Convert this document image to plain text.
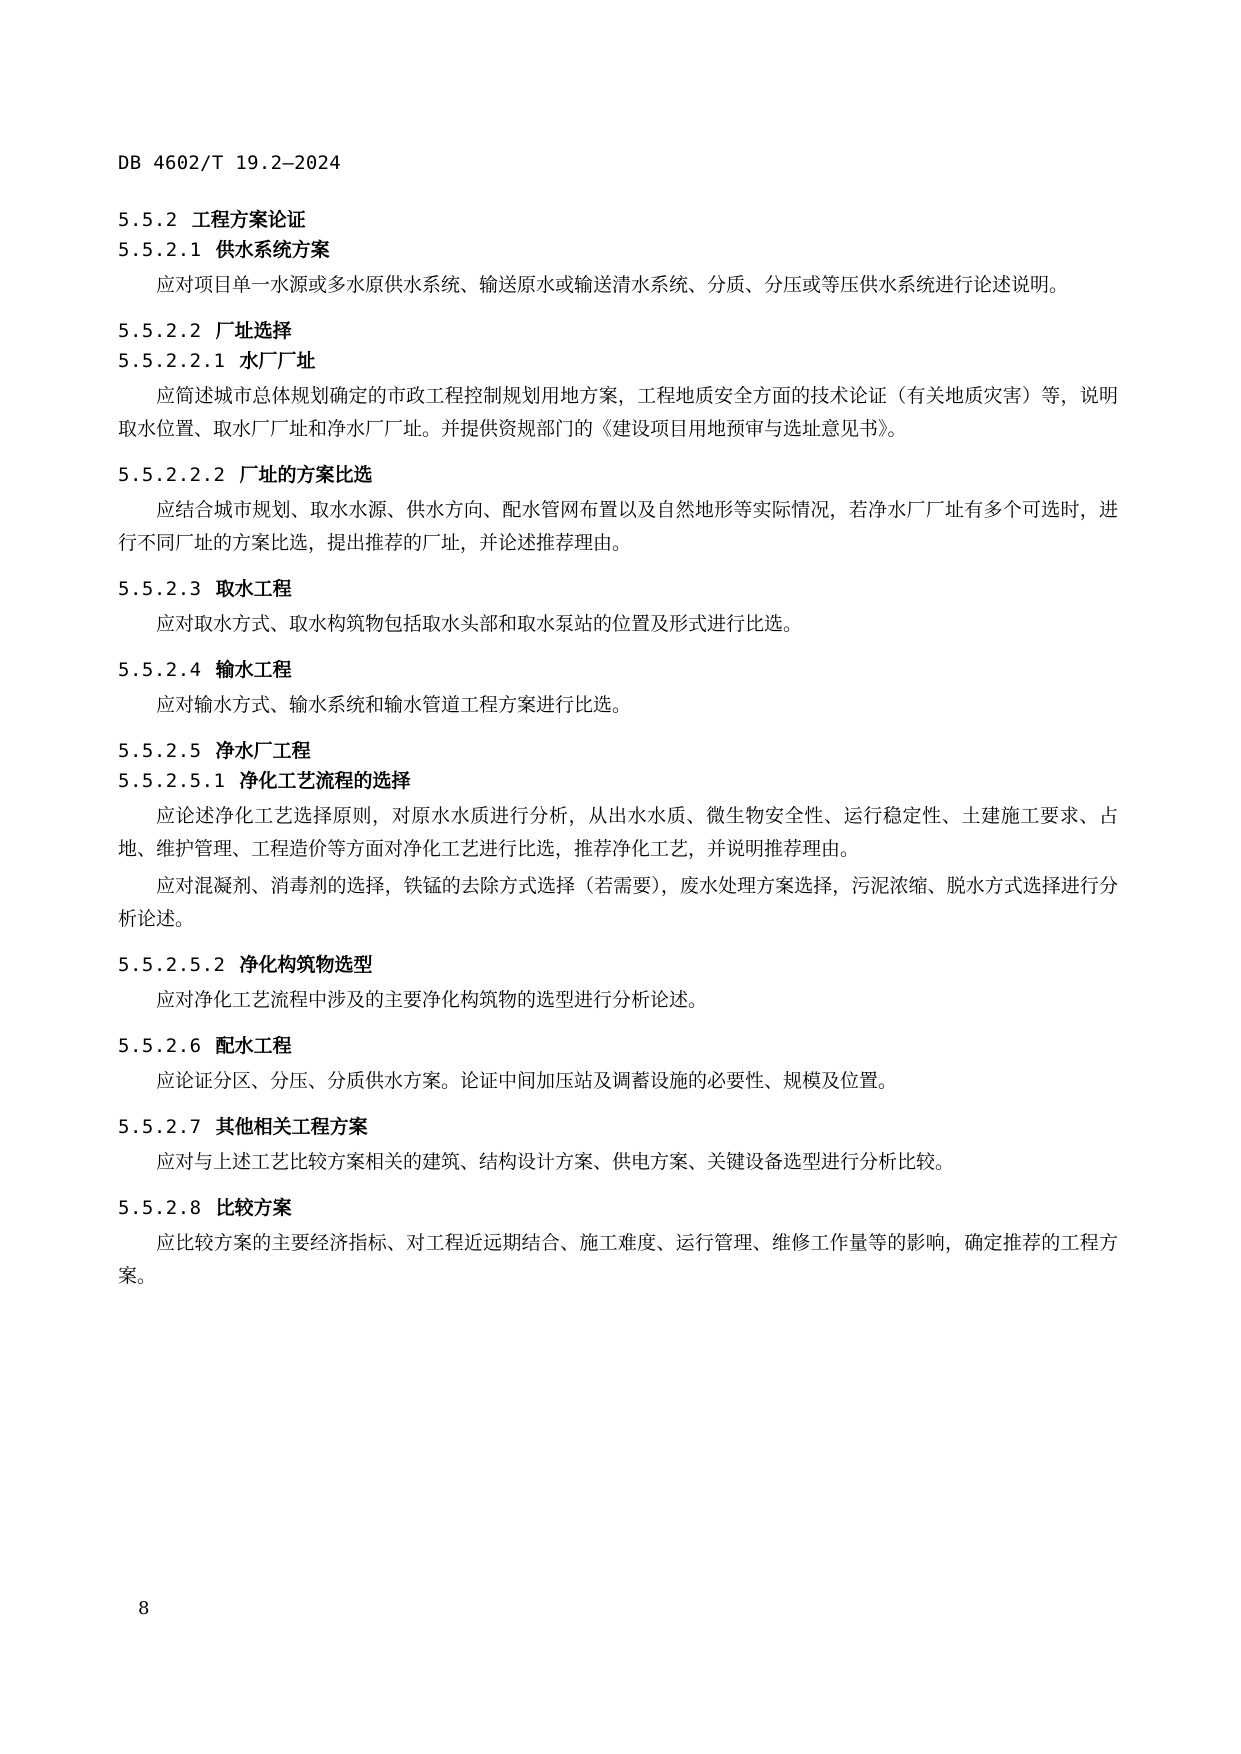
DB 4602/T 19.2—2024
5.5.2 工程方案论证
5.5.2.1 供水系统方案

应对项目单一水源或多水原供水系统、输送原水或输送清水系统、分质、分压或等压供水系统进行论述说明。

5.5.2.2 厂址选择
5.5.2.2.1 水厂厂址

应简述城市总体规划确定的市政工程控制规划用地方案，工程地质安全方面的技术论证（有关地质灾害）等，说明取水位置、取水厂厂址和净水厂厂址。并提供资规部门的《建设项目用地预审与选址意见书》。

5.5.2.2.2 厂址的方案比选

应结合城市规划、取水水源、供水方向、配水管网布置以及自然地形等实际情况，若净水厂厂址有多个可选时，进行不同厂址的方案比选，提出推荐的厂址，并论述推荐理由。

5.5.2.3 取水工程

应对取水方式、取水构筑物包括取水头部和取水泵站的位置及形式进行比选。

5.5.2.4 输水工程

应对输水方式、输水系统和输水管道工程方案进行比选。

5.5.2.5 净水厂工程
5.5.2.5.1 净化工艺流程的选择

应论述净化工艺选择原则，对原水水质进行分析，从出水水质、微生物安全性、运行稳定性、土建施工要求、占地、维护管理、工程造价等方面对净化工艺进行比选，推荐净化工艺，并说明推荐理由。

应对混凝剂、消毒剂的选择，铁锰的去除方式选择（若需要），废水处理方案选择，污泥浓缩、脱水方式选择进行分析论述。

5.5.2.5.2 净化构筑物选型

应对净化工艺流程中涉及的主要净化构筑物的选型进行分析论述。

5.5.2.6 配水工程

应论证分区、分压、分质供水方案。论证中间加压站及调蓄设施的必要性、规模及位置。

5.5.2.7 其他相关工程方案

应对与上述工艺比较方案相关的建筑、结构设计方案、供电方案、关键设备选型进行分析比较。

5.5.2.8 比较方案

应比较方案的主要经济指标、对工程近远期结合、施工难度、运行管理、维修工作量等的影响，确定推荐的工程方案。

8
